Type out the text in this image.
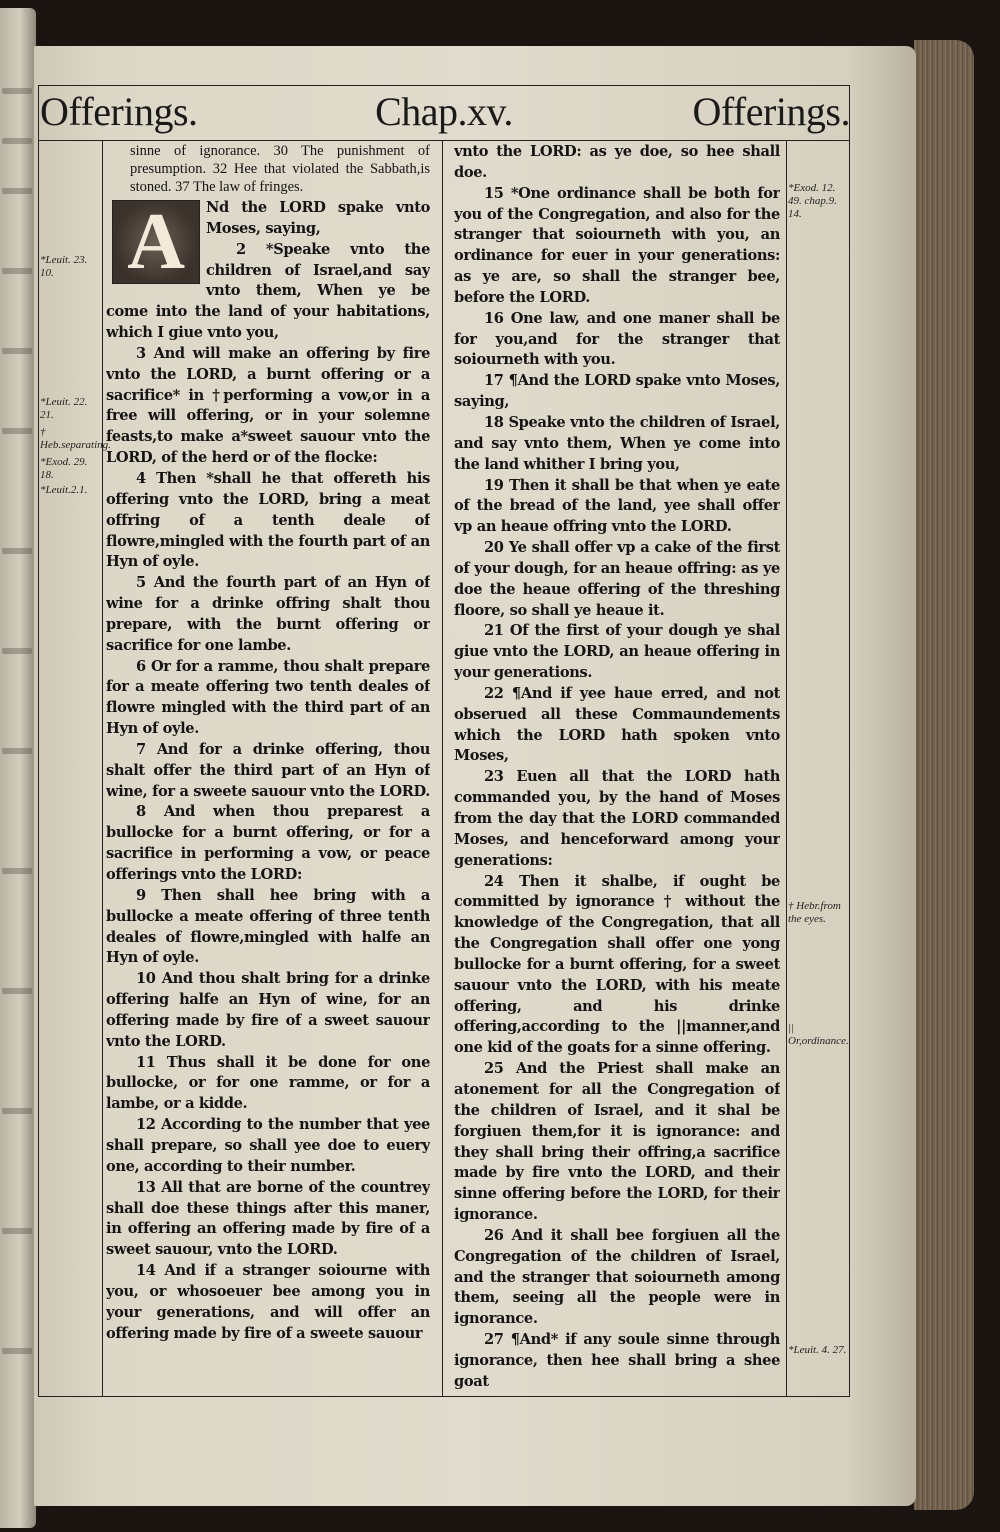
Offerings.	Chap.xv.	Offerings.
*Leuit. 23. 10.
*Leuit. 22. 21.
† Heb.separating.
*Exod. 29. 18.
*Leuit.2.1.
*Exod. 12. 49. chap.9. 14.
† Hebr.from the eyes.
|| Or,ordinance.
*Leuit. 4. 27.

sinne of ignorance. 30 The punishment of presumption. 32 Hee that violated the Sabbath,is stoned. 37 The law of fringes.

A	Nd the LORD spake vnto Moses, saying,

2 *Speake vnto the children of Israel,and say vnto them, When ye be come into the land of your habitations, which I giue vnto you,

3 And will make an offering by fire vnto the LORD, a burnt offering or a sacrifice* in †performing a vow,or in a free will offering, or in your solemne feasts,to make a*sweet sauour vnto the LORD, of the herd or of the flocke:

4 Then *shall he that offereth his offering vnto the LORD, bring a meat offring of a tenth deale of flowre,mingled with the fourth part of an Hyn of oyle.

5 And the fourth part of an Hyn of wine for a drinke offring shalt thou prepare, with the burnt offering or sacrifice for one lambe.

6 Or for a ramme, thou shalt prepare for a meate offering two tenth deales of flowre mingled with the third part of an Hyn of oyle.

7 And for a drinke offering, thou shalt offer the third part of an Hyn of wine, for a sweete sauour vnto the LORD.

8 And when thou preparest a bullocke for a burnt offering, or for a sacrifice in performing a vow, or peace offerings vnto the LORD:

9 Then shall hee bring with a bullocke a meate offering of three tenth deales of flowre,mingled with halfe an Hyn of oyle.

10 And thou shalt bring for a drinke offering halfe an Hyn of wine, for an offering made by fire of a sweet sauour vnto the LORD.

11 Thus shall it be done for one bullocke, or for one ramme, or for a lambe, or a kidde.

12 According to the number that yee shall prepare, so shall yee doe to euery one, according to their number.

13 All that are borne of the countrey shall doe these things after this maner, in offering an offering made by fire of a sweet sauour, vnto the LORD.

14 And if a stranger soiourne with you, or whosoeuer bee among you in your generations, and will offer an offering made by fire of a sweete sauour

vnto the LORD: as ye doe, so hee shall doe.

15 *One ordinance shall be both for you of the Congregation, and also for the stranger that soiourneth with you, an ordinance for euer in your generations: as ye are, so shall the stranger bee, before the LORD.

16 One law, and one maner shall be for you,and for the stranger that soiourneth with you.

17 ¶And the LORD spake vnto Moses, saying,

18 Speake vnto the children of Israel, and say vnto them, When ye come into the land whither I bring you,

19 Then it shall be that when ye eate of the bread of the land, yee shall offer vp an heaue offring vnto the LORD.

20 Ye shall offer vp a cake of the first of your dough, for an heaue offring: as ye doe the heaue offering of the threshing floore, so shall ye heaue it.

21 Of the first of your dough ye shal giue vnto the LORD, an heaue offering in your generations.

22 ¶And if yee haue erred, and not obserued all these Commaundements which the LORD hath spoken vnto Moses,

23 Euen all that the LORD hath commanded you, by the hand of Moses from the day that the LORD commanded Moses, and henceforward among your generations:

24 Then it shalbe, if ought be committed by ignorance † without the knowledge of the Congregation, that all the Congregation shall offer one yong bullocke for a burnt offering, for a sweet sauour vnto the LORD, with his meate offering, and his drinke offering,according to the ||manner,and one kid of the goats for a sinne offering.

25 And the Priest shall make an atonement for all the Congregation of the children of Israel, and it shal be forgiuen them,for it is ignorance: and they shall bring their offring,a sacrifice made by fire vnto the LORD, and their sinne offering before the LORD, for their ignorance.

26 And it shall bee forgiuen all the Congregation of the children of Israel, and the stranger that soiourneth among them, seeing all the people were in ignorance.

27 ¶And* if any soule sinne through ignorance, then hee shall bring a shee goat
